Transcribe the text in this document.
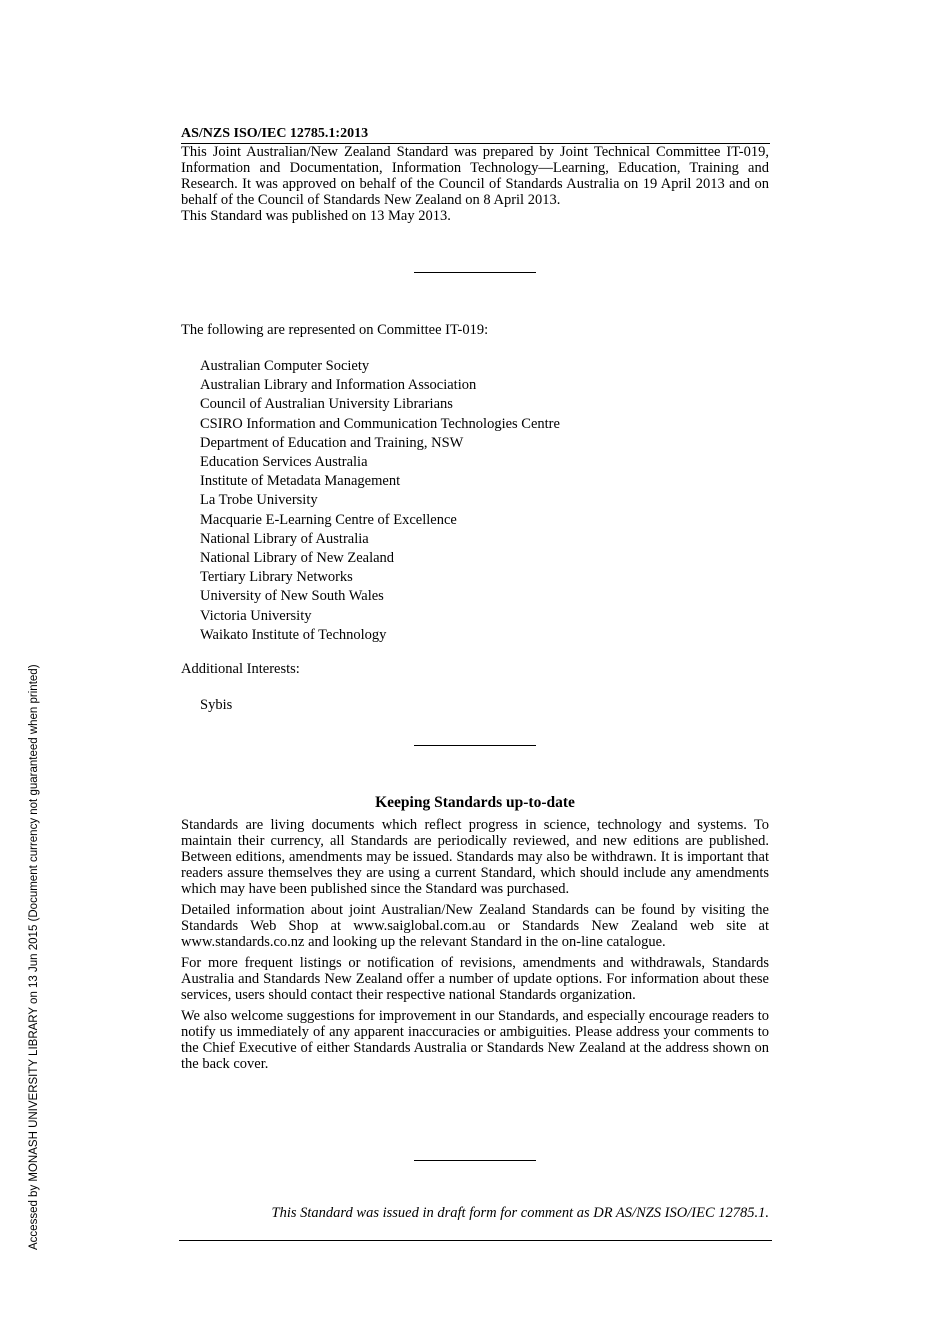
AS/NZS ISO/IEC 12785.1:2013

This Joint Australian/New Zealand Standard was prepared by Joint Technical Committee IT-019, Information and Documentation, Information Technology—Learning, Education, Training and Research. It was approved on behalf of the Council of Standards Australia on 19 April 2013 and on behalf of the Council of Standards New Zealand on 8 April 2013.

This Standard was published on 13 May 2013.

The following are represented on Committee IT-019:
Australian Computer Society
Australian Library and Information Association
Council of Australian University Librarians
CSIRO Information and Communication Technologies Centre
Department of Education and Training, NSW
Education Services Australia
Institute of Metadata Management
La Trobe University
Macquarie E-Learning Centre of Excellence
National Library of Australia
National Library of New Zealand
Tertiary Library Networks
University of New South Wales
Victoria University
Waikato Institute of Technology
Additional Interests:
Sybis
Keeping Standards up-to-date

Standards are living documents which reflect progress in science, technology and systems. To maintain their currency, all Standards are periodically reviewed, and new editions are published. Between editions, amendments may be issued. Standards may also be withdrawn. It is important that readers assure themselves they are using a current Standard, which should include any amendments which may have been published since the Standard was purchased.

Detailed information about joint Australian/New Zealand Standards can be found by visiting the Standards Web Shop at www.saiglobal.com.au or Standards New Zealand web site at www.standards.co.nz and looking up the relevant Standard in the on-line catalogue.

For more frequent listings or notification of revisions, amendments and withdrawals, Standards Australia and Standards New Zealand offer a number of update options. For information about these services, users should contact their respective national Standards organization.

We also welcome suggestions for improvement in our Standards, and especially encourage readers to notify us immediately of any apparent inaccuracies or ambiguities. Please address your comments to the Chief Executive of either Standards Australia or Standards New Zealand at the address shown on the back cover.

This Standard was issued in draft form for comment as DR AS/NZS ISO/IEC 12785.1.
Accessed by MONASH UNIVERSITY LIBRARY on 13 Jun 2015 (Document currency not guaranteed when printed)
